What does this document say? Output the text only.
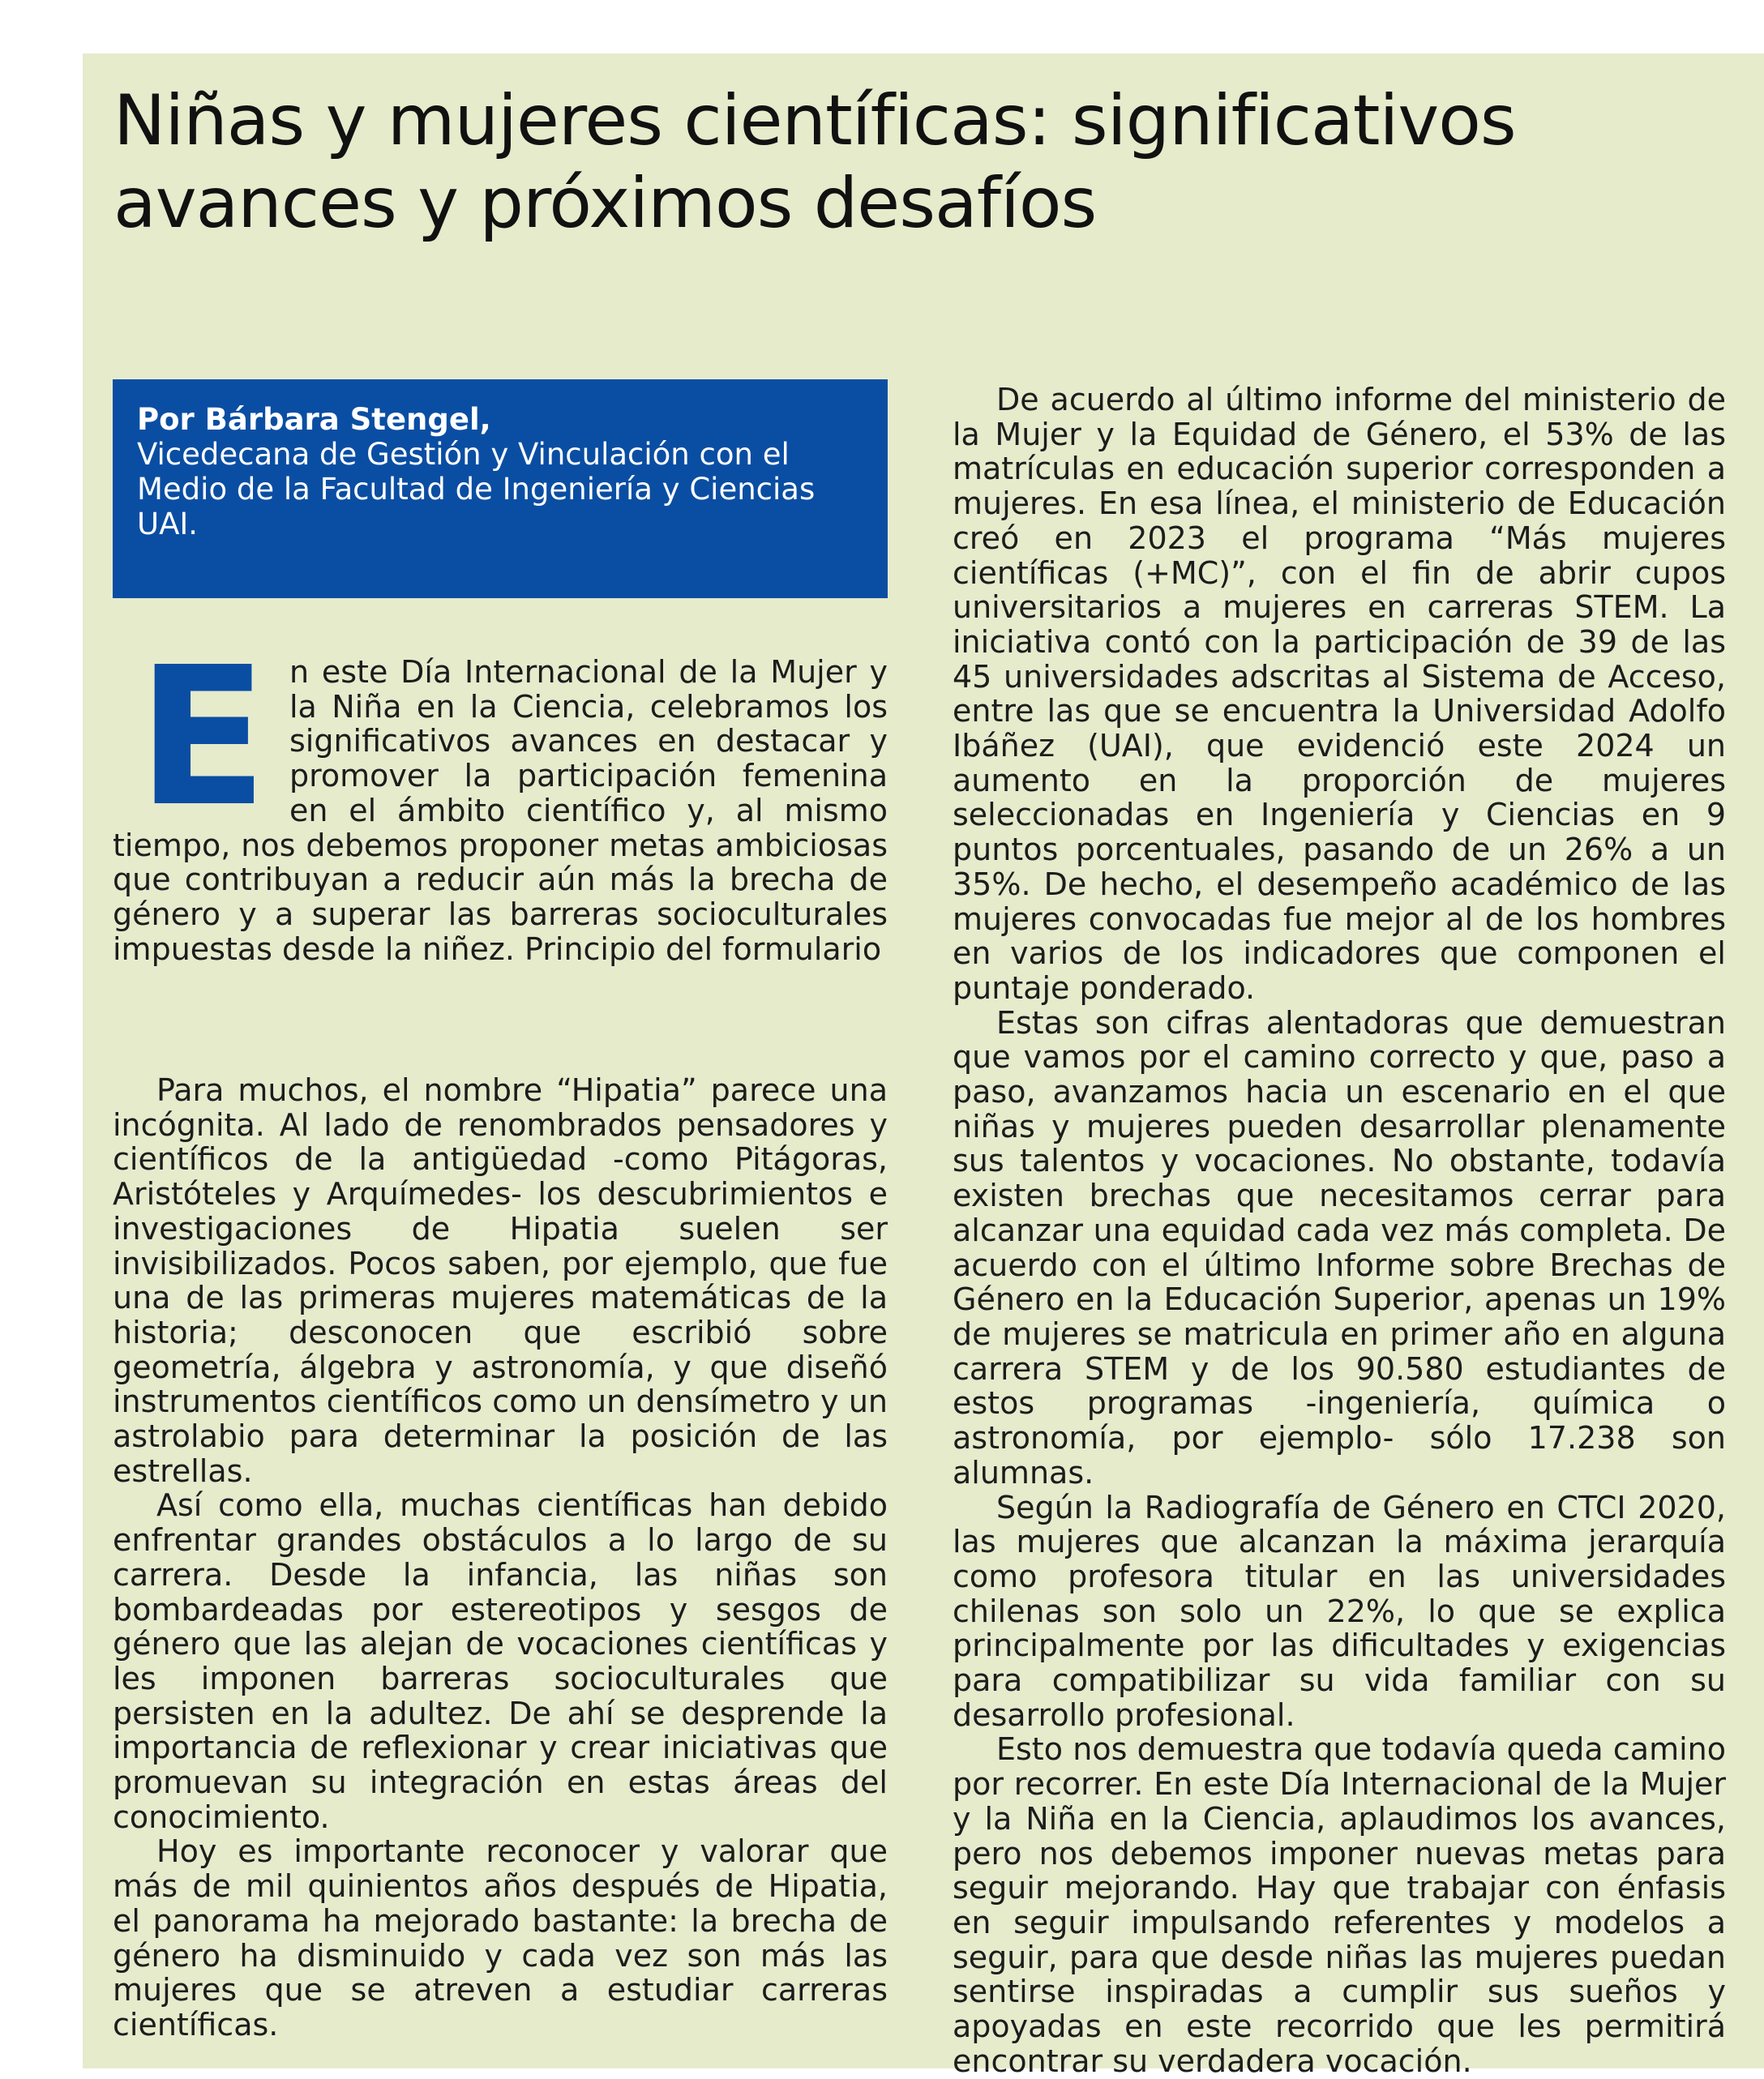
Niñas y mujeres científicas: significativos avances y próximos desafíos
Por Bárbara Stengel,
Vicedecana de Gestión y Vinculación con el Medio de la Facultad de Ingeniería y Ciencias UAI.
E n este Día Internacional de la Mujer y la Niña en la Ciencia, celebramos los significativos avances en destacar y promover la participación femenina en el ámbito científico y, al mismo tiempo, nos debemos proponer metas ambiciosas que contribuyan a reducir aún más la brecha de género y a superar las barreras socioculturales impuestas desde la niñez. Principio del formulario

Para muchos, el nombre “Hipatia” parece una incógnita. Al lado de renombrados pensadores y científicos de la antigüedad -como Pitágoras, Aristóteles y Arquímedes- los descubrimientos e investigaciones de Hipatia suelen ser invisibilizados. Pocos saben, por ejemplo, que fue una de las primeras mujeres matemáticas de la historia; desconocen que escribió sobre geometría, álgebra y astronomía, y que diseñó instrumentos científicos como un densímetro y un astrolabio para determinar la posición de las estrellas.

Así como ella, muchas científicas han debido enfrentar grandes obstáculos a lo largo de su carrera. Desde la infancia, las niñas son bombardeadas por estereotipos y sesgos de género que las alejan de vocaciones científicas y les imponen barreras socioculturales que persisten en la adultez. De ahí se desprende la importancia de reflexionar y crear iniciativas que promuevan su integración en estas áreas del conocimiento.

Hoy es importante reconocer y valorar que más de mil quinientos años después de Hipatia, el panorama ha mejorado bastante: la brecha de género ha disminuido y cada vez son más las mujeres que se atreven a estudiar carreras científicas.

De acuerdo al último informe del ministerio de la Mujer y la Equidad de Género, el 53% de las matrículas en educación superior corresponden a mujeres. En esa línea, el ministerio de Educación creó en 2023 el programa “Más mujeres científicas (+MC)”, con el fin de abrir cupos universitarios a mujeres en carreras STEM. La iniciativa contó con la participación de 39 de las 45 universidades adscritas al Sistema de Acceso, entre las que se encuentra la Universidad Adolfo Ibáñez (UAI), que evidenció este 2024 un aumento en la proporción de mujeres seleccionadas en Ingeniería y Ciencias en 9 puntos porcentuales, pasando de un 26% a un 35%. De hecho, el desempeño académico de las mujeres convocadas fue mejor al de los hombres en varios de los indicadores que componen el puntaje ponderado.

Estas son cifras alentadoras que demuestran que vamos por el camino correcto y que, paso a paso, avanzamos hacia un escenario en el que niñas y mujeres pueden desarrollar plenamente sus talentos y vocaciones. No obstante, todavía existen brechas que necesitamos cerrar para alcanzar una equidad cada vez más completa. De acuerdo con el último Informe sobre Brechas de Género en la Educación Superior, apenas un 19% de mujeres se matricula en primer año en alguna carrera STEM y de los 90.580 estudiantes de estos programas -ingeniería, química o astronomía, por ejemplo- sólo 17.238 son alumnas.

Según la Radiografía de Género en CTCI 2020, las mujeres que alcanzan la máxima jerarquía como profesora titular en las universidades chilenas son solo un 22%, lo que se explica principalmente por las dificultades y exigencias para compatibilizar su vida familiar con su desarrollo profesional.

Esto nos demuestra que todavía queda camino por recorrer. En este Día Internacional de la Mujer y la Niña en la Ciencia, aplaudimos los avances, pero nos debemos imponer nuevas metas para seguir mejorando. Hay que trabajar con énfasis en seguir impulsando referentes y modelos a seguir, para que desde niñas las mujeres puedan sentirse inspiradas a cumplir sus sueños y apoyadas en este recorrido que les permitirá encontrar su verdadera vocación.
